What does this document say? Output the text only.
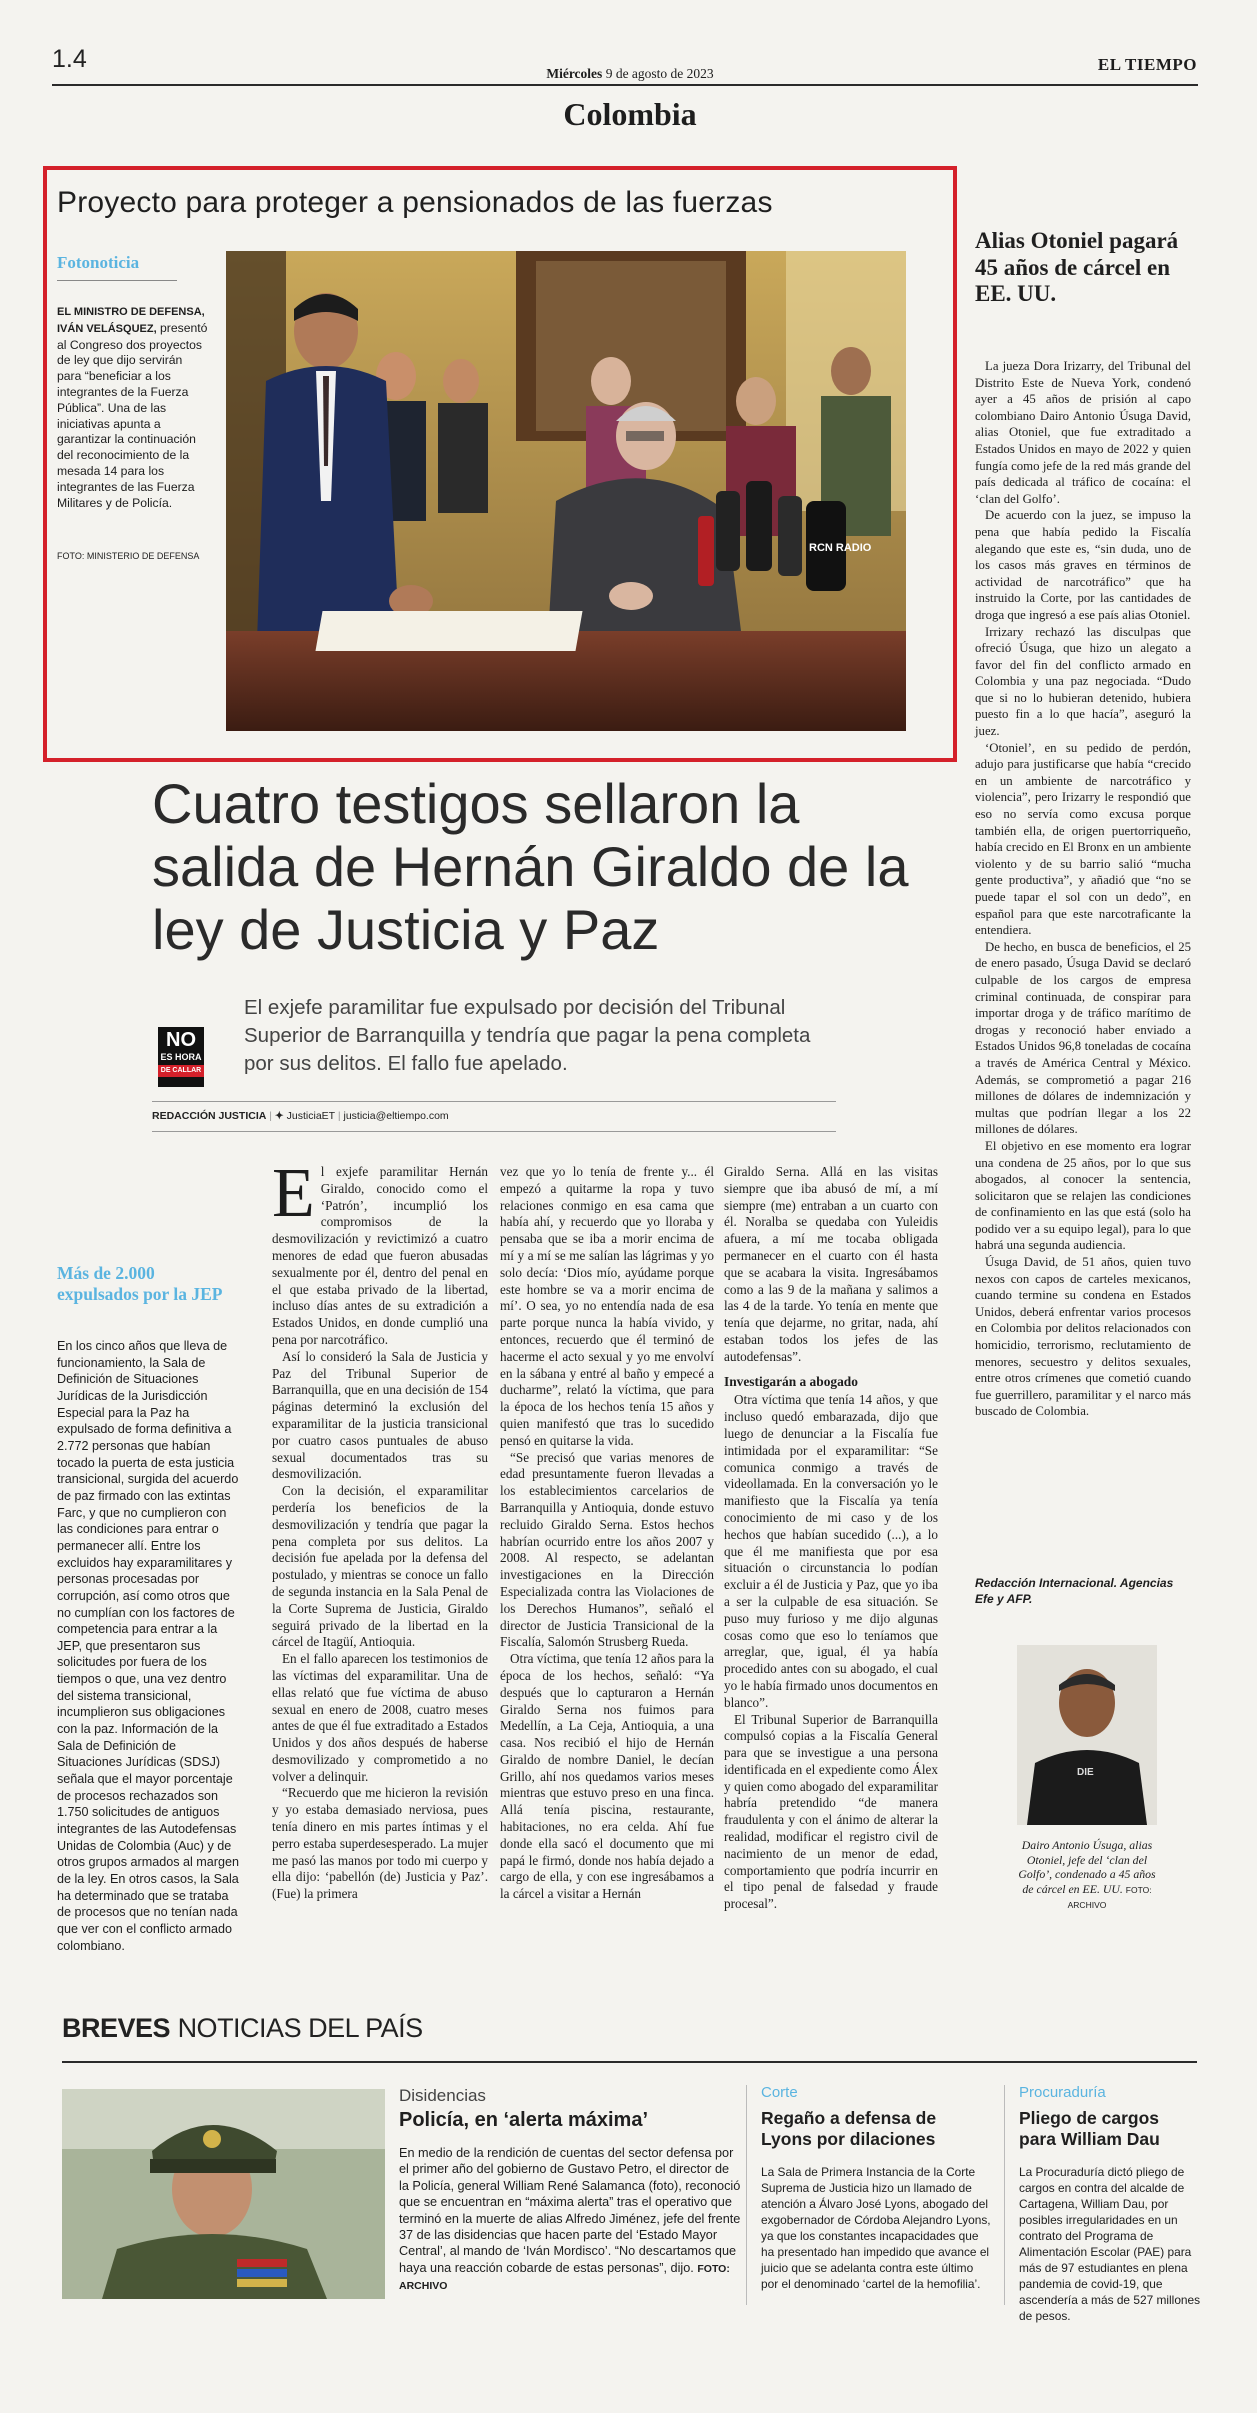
1.4
Miércoles 9 de agosto de 2023	EL TIEMPO
Colombia
Proyecto para proteger a pensionados de las fuerzas
Fotonoticia
EL MINISTRO DE DEFENSA, IVÁN VELÁSQUEZ, presentó al Congreso dos proyectos de ley que dijo servirán para “beneficiar a los integrantes de la Fuerza Pública”. Una de las iniciativas apunta a garantizar la continuación del reconocimiento de la mesada 14 para los integrantes de las Fuerza Militares y de Policía.
FOTO: MINISTERIO DE DEFENSA
RCN RADIO
Cuatro testigos sellaron la salida de Hernán Giraldo de la ley de Justicia y Paz
NO
ES HORA
DE CALLAR
El exjefe paramilitar fue expulsado por decisión del Tribunal Superior de Barranquilla y tendría que pagar la pena completa por sus delitos. El fallo fue apelado.
REDACCIÓN JUSTICIA | ✦ JusticiaET | justicia@eltiempo.com
Más de 2.000 expulsados por la JEP
En los cinco años que lleva de funcionamiento, la Sala de Definición de Situaciones Jurídicas de la Jurisdicción Especial para la Paz ha expulsado de forma definitiva a 2.772 personas que habían tocado la puerta de esta justicia transicional, surgida del acuerdo de paz firmado con las extintas Farc, y que no cumplieron con las condiciones para entrar o permanecer allí. Entre los excluidos hay exparamilitares y personas procesadas por corrupción, así como otros que no cumplían con los factores de competencia para entrar a la JEP, que presentaron sus solicitudes por fuera de los tiempos o que, una vez dentro del sistema transicional, incumplieron sus obligaciones con la paz. Información de la Sala de Definición de Situaciones Jurídicas (SDSJ) señala que el mayor porcentaje de procesos rechazados son 1.750 solicitudes de antiguos integrantes de las Autodefensas Unidas de Colombia (Auc) y de otros grupos armados al margen de la ley. En otros casos, la Sala ha determinado que se trataba de procesos que no tenían nada que ver con el conflicto armado colombiano.
E l exjefe paramilitar Hernán Giraldo, conocido como el ‘Patrón’, incumplió los compromisos de la desmovilización y revictimizó a cuatro menores de edad que fueron abusadas sexualmente por él, dentro del penal en el que estaba privado de la libertad, incluso días antes de su extradición a Estados Unidos, en donde cumplió una pena por narcotráfico.

Así lo consideró la Sala de Justicia y Paz del Tribunal Superior de Barranquilla, que en una decisión de 154 páginas determinó la exclusión del exparamilitar de la justicia transicional por cuatro casos puntuales de abuso sexual documentados tras su desmovilización.

Con la decisión, el exparamilitar perdería los beneficios de la desmovilización y tendría que pagar la pena completa por sus delitos. La decisión fue apelada por la defensa del postulado, y mientras se conoce un fallo de segunda instancia en la Sala Penal de la Corte Suprema de Justicia, Giraldo seguirá privado de la libertad en la cárcel de Itagüí, Antioquia.

En el fallo aparecen los testimonios de las víctimas del exparamilitar. Una de ellas relató que fue víctima de abuso sexual en enero de 2008, cuatro meses antes de que él fue extraditado a Estados Unidos y dos años después de haberse desmovilizado y comprometido a no volver a delinquir.

“Recuerdo que me hicieron la revisión y yo estaba demasiado nerviosa, pues tenía dinero en mis partes íntimas y el perro estaba superdesesperado. La mujer me pasó las manos por todo mi cuerpo y ella dijo: ‘pabellón (de) Justicia y Paz’. (Fue) la primera

vez que yo lo tenía de frente y... él empezó a quitarme la ropa y tuvo relaciones conmigo en esa cama que había ahí, y recuerdo que yo lloraba y pensaba que se iba a morir encima de mí y a mí se me salían las lágrimas y yo solo decía: ‘Dios mío, ayúdame porque este hombre se va a morir encima de mí’. O sea, yo no entendía nada de esa parte porque nunca la había vivido, y entonces, recuerdo que él terminó de hacerme el acto sexual y yo me envolví en la sábana y entré al baño y empecé a ducharme”, relató la víctima, que para la época de los hechos tenía 15 años y quien manifestó que tras lo sucedido pensó en quitarse la vida.

“Se precisó que varias menores de edad presuntamente fueron llevadas a los establecimientos carcelarios de Barranquilla y Antioquia, donde estuvo recluido Giraldo Serna. Estos hechos habrían ocurrido entre los años 2007 y 2008. Al respecto, se adelantan investigaciones en la Dirección Especializada contra las Violaciones de los Derechos Humanos”, señaló el director de Justicia Transicional de la Fiscalía, Salomón Strusberg Rueda.

Otra víctima, que tenía 12 años para la época de los hechos, señaló: “Ya después que lo capturaron a Hernán Giraldo Serna nos fuimos para Medellín, a La Ceja, Antioquia, a una casa. Nos recibió el hijo de Hernán Giraldo de nombre Daniel, le decían Grillo, ahí nos quedamos varios meses mientras que estuvo preso en una finca. Allá tenía piscina, restaurante, habitaciones, no era celda. Ahí fue donde ella sacó el documento que mi papá le firmó, donde nos había dejado a cargo de ella, y con ese ingresábamos a la cárcel a visitar a Hernán

Giraldo Serna. Allá en las visitas siempre que iba abusó de mí, a mí siempre (me) entraban a un cuarto con él. Noralba se quedaba con Yuleidis afuera, a mí me tocaba obligada permanecer en el cuarto con él hasta que se acabara la visita. Ingresábamos como a las 9 de la mañana y salimos a las 4 de la tarde. Yo tenía en mente que tenía que dejarme, no gritar, nada, ahí estaban todos los jefes de las autodefensas”.

Investigarán a abogado

Otra víctima que tenía 14 años, y que incluso quedó embarazada, dijo que luego de denunciar a la Fiscalía fue intimidada por el exparamilitar: “Se comunica conmigo a través de videollamada. En la conversación yo le manifiesto que la Fiscalía ya tenía conocimiento de mi caso y de los hechos que habían sucedido (...), a lo que él me manifiesta que por esa situación o circunstancia lo podían excluir a él de Justicia y Paz, que yo iba a ser la culpable de esa situación. Se puso muy furioso y me dijo algunas cosas como que eso lo teníamos que arreglar, que, igual, él ya había procedido antes con su abogado, el cual yo le había firmado unos documentos en blanco”.

El Tribunal Superior de Barranquilla compulsó copias a la Fiscalía General para que se investigue a una persona identificada en el expediente como Álex y quien como abogado del exparamilitar habría pretendido “de manera fraudulenta y con el ánimo de alterar la realidad, modificar el registro civil de nacimiento de un menor de edad, comportamiento que podría incurrir en el tipo penal de falsedad y fraude procesal”.

Alias Otoniel pagará 45 años de cárcel en EE. UU.

La jueza Dora Irizarry, del Tribunal del Distrito Este de Nueva York, condenó ayer a 45 años de prisión al capo colombiano Dairo Antonio Úsuga David, alias Otoniel, que fue extraditado a Estados Unidos en mayo de 2022 y quien fungía como jefe de la red más grande del país dedicada al tráfico de cocaína: el ‘clan del Golfo’.

De acuerdo con la juez, se impuso la pena que había pedido la Fiscalía alegando que este es, “sin duda, uno de los casos más graves en términos de actividad de narcotráfico” que ha instruido la Corte, por las cantidades de droga que ingresó a ese país alias Otoniel.

Irrizary rechazó las disculpas que ofreció Úsuga, que hizo un alegato a favor del fin del conflicto armado en Colombia y una paz negociada. “Dudo que si no lo hubieran detenido, hubiera puesto fin a lo que hacía”, aseguró la juez.

‘Otoniel’, en su pedido de perdón, adujo para justificarse que había “crecido en un ambiente de narcotráfico y violencia”, pero Irizarry le respondió que eso no servía como excusa porque también ella, de origen puertorriqueño, había crecido en El Bronx en un ambiente violento y de su barrio salió “mucha gente productiva”, y añadió que “no se puede tapar el sol con un dedo”, en español para que este narcotraficante la entendiera.

De hecho, en busca de beneficios, el 25 de enero pasado, Úsuga David se declaró culpable de los cargos de empresa criminal continuada, de conspirar para importar droga y de tráfico marítimo de drogas y reconoció haber enviado a Estados Unidos 96,8 toneladas de cocaína a través de América Central y México. Además, se comprometió a pagar 216 millones de dólares de indemnización y multas que podrían llegar a los 22 millones de dólares.

El objetivo en ese momento era lograr una condena de 25 años, por lo que sus abogados, al conocer la sentencia, solicitaron que se relajen las condiciones de confinamiento en las que está (solo ha podido ver a su equipo legal), para lo que habrá una segunda audiencia.

Úsuga David, de 51 años, quien tuvo nexos con capos de carteles mexicanos, cuando termine su condena en Estados Unidos, deberá enfrentar varios procesos en Colombia por delitos relacionados con homicidio, terrorismo, reclutamiento de menores, secuestro y delitos sexuales, entre otros crímenes que cometió cuando fue guerrillero, paramilitar y el narco más buscado de Colombia.

Redacción Internacional. Agencias Efe y AFP.
DIE
Dairo Antonio Úsuga, alias Otoniel, jefe del ‘clan del Golfo’, condenado a 45 años de cárcel en EE. UU. FOTO: ARCHIVO
BREVES NOTICIAS DEL PAÍS
Disidencias
Policía, en ‘alerta máxima’
En medio de la rendición de cuentas del sector defensa por el primer año del gobierno de Gustavo Petro, el director de la Policía, general William René Salamanca (foto), reconoció que se encuentran en “máxima alerta” tras el operativo que terminó en la muerte de alias Alfredo Jiménez, jefe del frente 37 de las disidencias que hacen parte del ‘Estado Mayor Central’, al mando de ‘Iván Mordisco’. “No descartamos que haya una reacción cobarde de estas personas”, dijo. FOTO: ARCHIVO
Corte
Regaño a defensa de Lyons por dilaciones
La Sala de Primera Instancia de la Corte Suprema de Justicia hizo un llamado de atención a Álvaro José Lyons, abogado del exgobernador de Córdoba Alejandro Lyons, ya que los constantes incapacidades que ha presentado han impedido que avance el juicio que se adelanta contra este último por el denominado ‘cartel de la hemofilia’.
Procuraduría
Pliego de cargos para William Dau
La Procuraduría dictó pliego de cargos en contra del alcalde de Cartagena, William Dau, por posibles irregularidades en un contrato del Programa de Alimentación Escolar (PAE) para más de 97 estudiantes en plena pandemia de covid-19, que ascendería a más de 527 millones de pesos.
